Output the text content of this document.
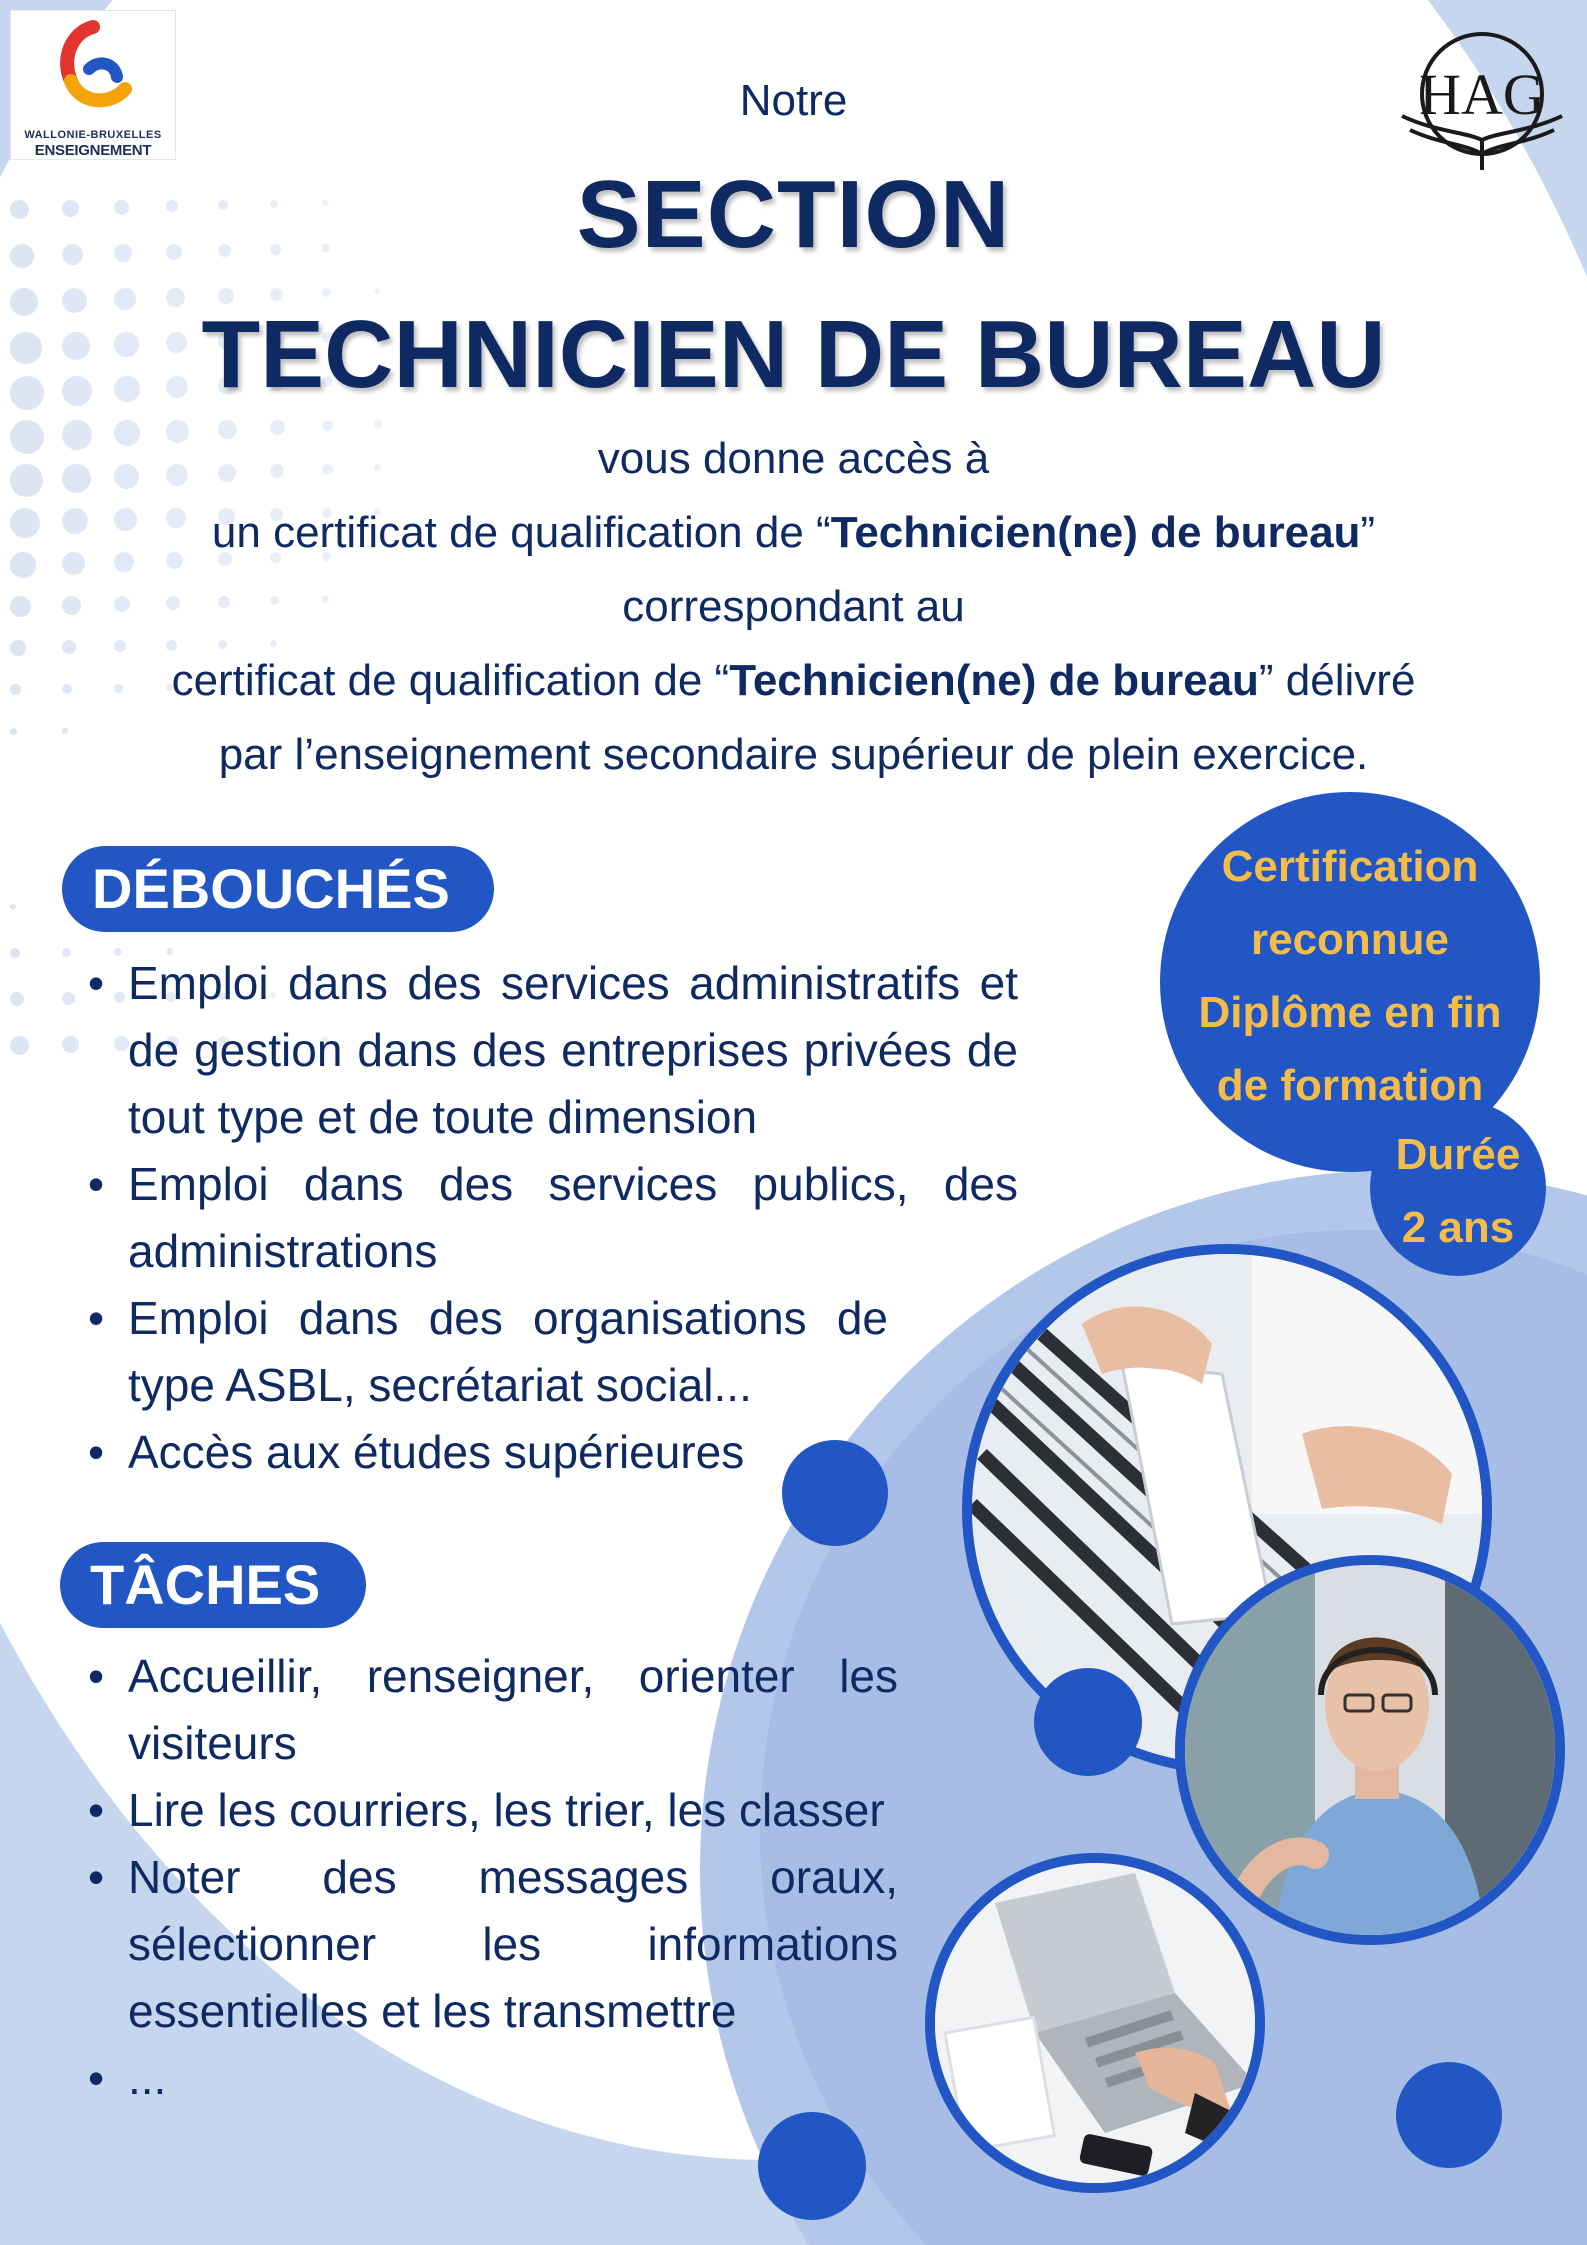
WALLONIE-BRUXELLES
ENSEIGNEMENT
HAG
Notre
SECTION
TECHNICIEN DE BUREAU
vous donne accès à
un certificat de qualification de “Technicien(ne) de bureau”
correspondant au
certificat de qualification de “Technicien(ne) de bureau” délivré
par l’enseignement secondaire supérieur de plein exercice.
DÉBOUCHÉS
• Emploi dans des services administratifs et de gestion dans des entreprises privées de tout type et de toute dimension
• Emploi dans des services publics, des administrations
• Emploi dans des organisations de type ASBL, secrétariat social...
• Accès aux études supérieures
TÂCHES
• Accueillir, renseigner, orienter les visiteurs
• Lire les courriers, les trier, les classer
• Noter des messages oraux, sélectionner les informations essentielles et les transmettre
• ...
Certification
reconnue
Diplôme en fin
de formation
Durée
2 ans
